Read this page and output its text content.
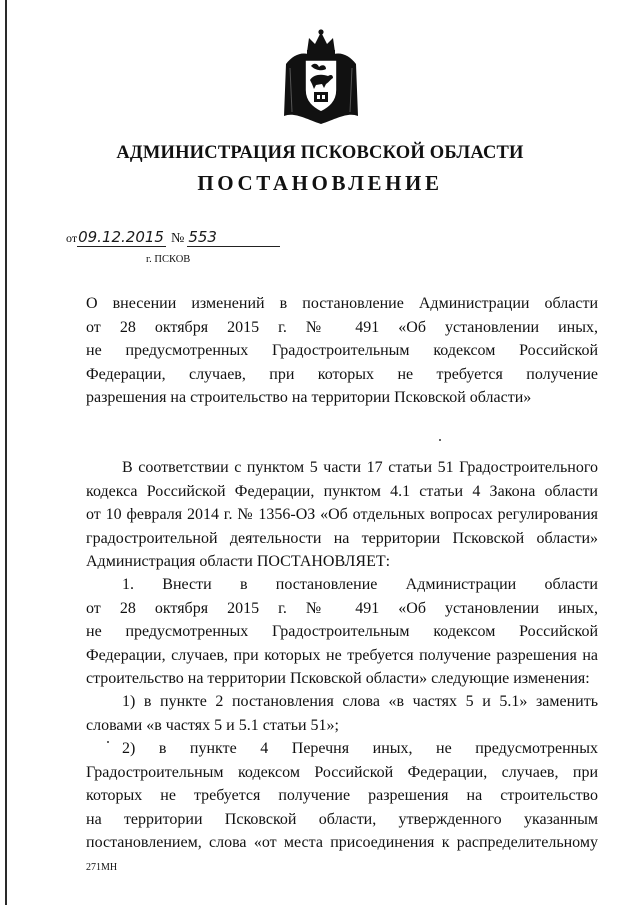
АДМИНИСТРАЦИЯ ПСКОВСКОЙ ОБЛАСТИ
ПОСТАНОВЛЕНИЕ
от09.12.2015 № 553
г. ПСКОВ
О внесении изменений в постановление Администрации области
от 28 октября 2015 г. № 491 «Об установлении иных,
не предусмотренных Градостроительным кодексом Российской
Федерации, случаев, при которых не требуется получение
разрешения на строительство на территории Псковской области»
В соответствии с пунктом 5 части 17 статьи 51 Градостроительного
кодекса Российской Федерации, пунктом 4.1 статьи 4 Закона области
от 10 февраля 2014 г. № 1356-ОЗ «Об отдельных вопросах регулирования
градостроительной деятельности на территории Псковской области»
Администрация области ПОСТАНОВЛЯЕТ:
1. Внести в постановление Администрации области
от 28 октября 2015 г. № 491 «Об установлении иных,
не предусмотренных Градостроительным кодексом Российской
Федерации, случаев, при которых не требуется получение разрешения на
строительство на территории Псковской области» следующие изменения:
1) в пункте 2 постановления слова «в частях 5 и 5.1» заменить
словами «в частях 5 и 5.1 статьи 51»;
2) в пункте 4 Перечня иных, не предусмотренных
Градостроительным кодексом Российской Федерации, случаев, при
которых не требуется получение разрешения на строительство
на территории Псковской области, утвержденного указанным
постановлением, слова «от места присоединения к распределительному
271МН
